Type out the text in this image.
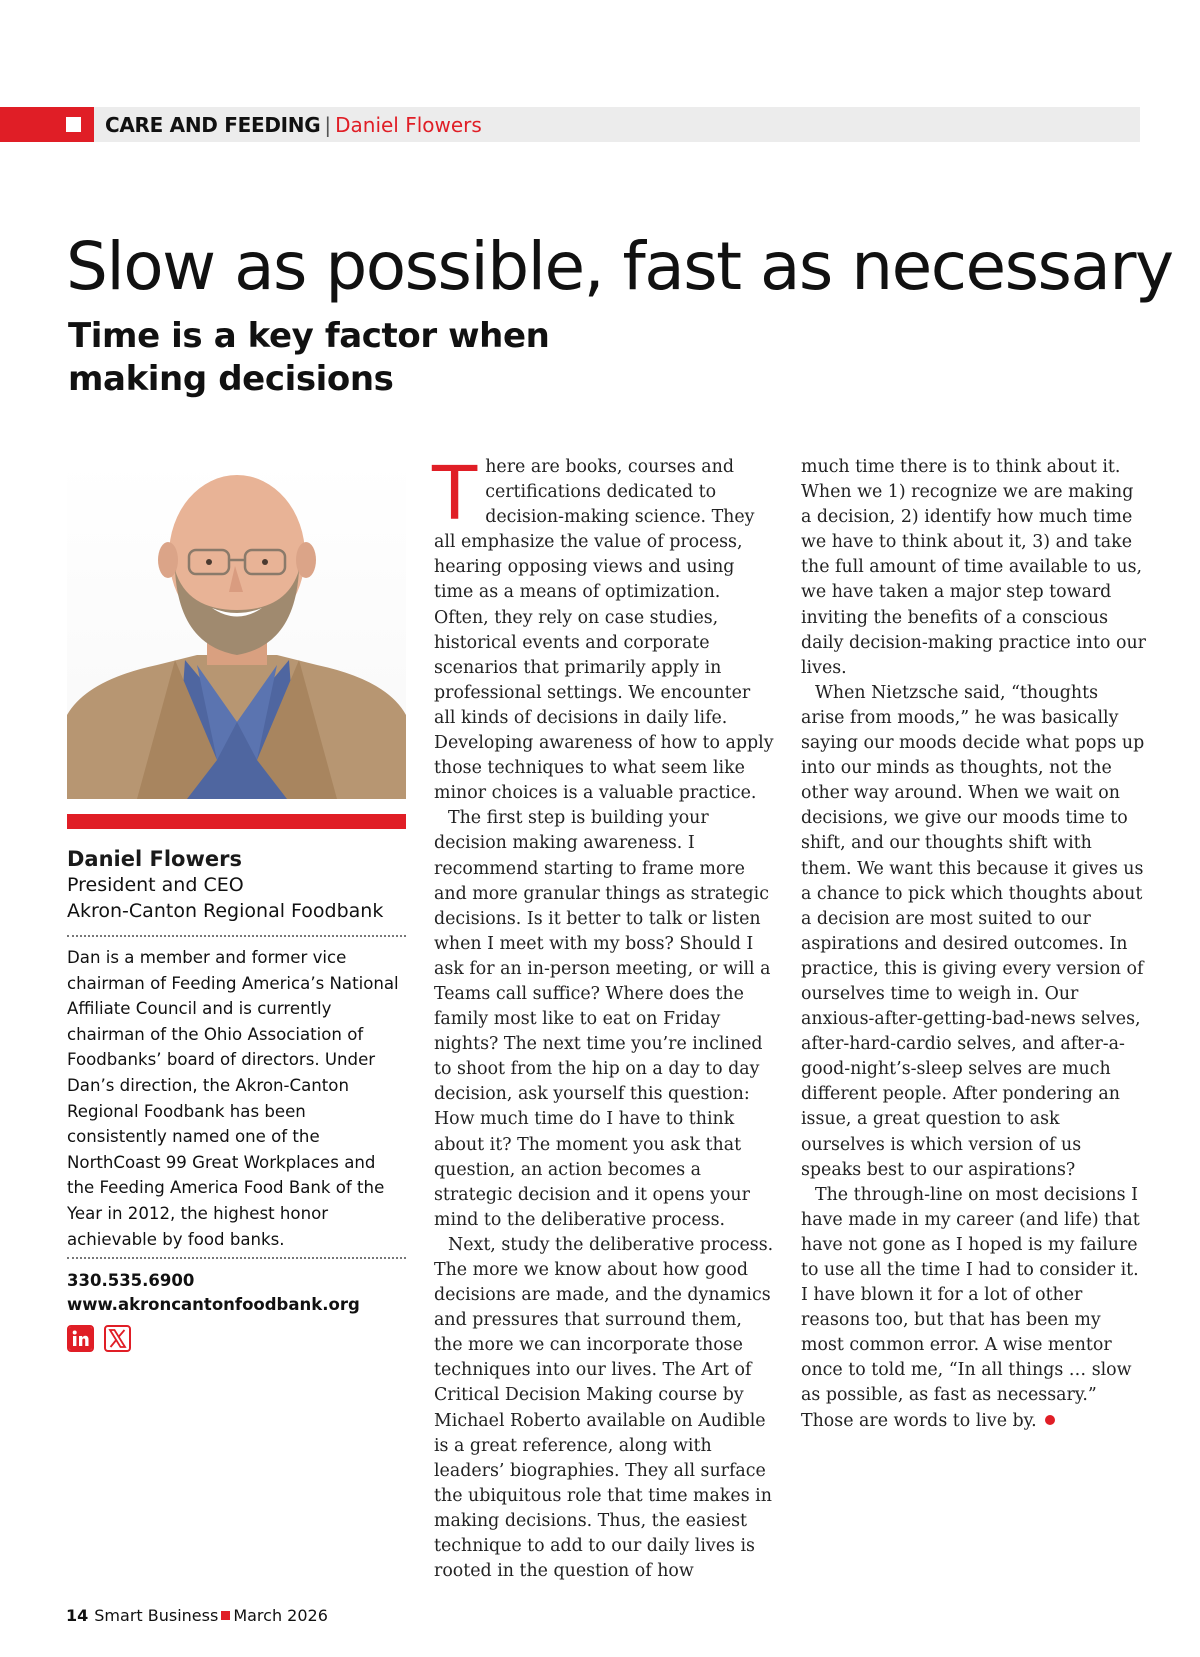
CARE AND FEEDING | Daniel Flowers
Slow as possible, fast as necessary
Time is a key factor when making decisions
Daniel Flowers
President and CEO
Akron-Canton Regional Foodbank

Dan is a member and former vice chairman of Feeding America’s National Affiliate Council and is currently chairman of the Ohio Association of Foodbanks’ board of directors. Under Dan’s direction, the Akron-Canton Regional Foodbank has been consistently named one of the NorthCoast 99 Great Workplaces and the Feeding America Food Bank of the Year in 2012, the highest honor achievable by food banks.

330.535.6900
www.akroncantonfoodbank.org

There are books, courses and certifications dedicated to decision-making science. They all emphasize the value of process, hearing opposing views and using time as a means of optimization. Often, they rely on case studies, historical events and corporate scenarios that primarily apply in professional settings. We encounter all kinds of decisions in daily life. Developing awareness of how to apply those techniques to what seem like minor choices is a valuable practice.

The first step is building your decision making awareness. I recommend starting to frame more and more granular things as strategic decisions. Is it better to talk or listen when I meet with my boss? Should I ask for an in-person meeting, or will a Teams call suffice? Where does the family most like to eat on Friday nights? The next time you’re inclined to shoot from the hip on a day to day decision, ask yourself this question: How much time do I have to think about it? The moment you ask that question, an action becomes a strategic decision and it opens your mind to the deliberative process.

Next, study the deliberative process. The more we know about how good decisions are made, and the dynamics and pressures that surround them, the more we can incorporate those techniques into our lives. The Art of Critical Decision Making course by Michael Roberto available on Audible is a great reference, along with leaders’ biographies. They all surface the ubiquitous role that time makes in making decisions. Thus, the easiest technique to add to our daily lives is rooted in the question of how

much time there is to think about it. When we 1) recognize we are making a decision, 2) identify how much time we have to think about it, 3) and take the full amount of time available to us, we have taken a major step toward inviting the benefits of a conscious daily decision-making practice into our lives.

When Nietzsche said, “thoughts arise from moods,” he was basically saying our moods decide what pops up into our minds as thoughts, not the other way around. When we wait on decisions, we give our moods time to shift, and our thoughts shift with them. We want this because it gives us a chance to pick which thoughts about a decision are most suited to our aspirations and desired outcomes. In practice, this is giving every version of ourselves time to weigh in. Our anxious-after-getting-bad-news selves, after-hard-cardio selves, and after-a-good-night’s-sleep selves are much different people. After pondering an issue, a great question to ask ourselves is which version of us speaks best to our aspirations?

The through-line on most decisions I have made in my career (and life) that have not gone as I hoped is my failure to use all the time I had to consider it. I have blown it for a lot of other reasons too, but that has been my most common error. A wise mentor once to told me, “In all things … slow as possible, as fast as necessary.” Those are words to live by.

14 Smart Business March 2026
